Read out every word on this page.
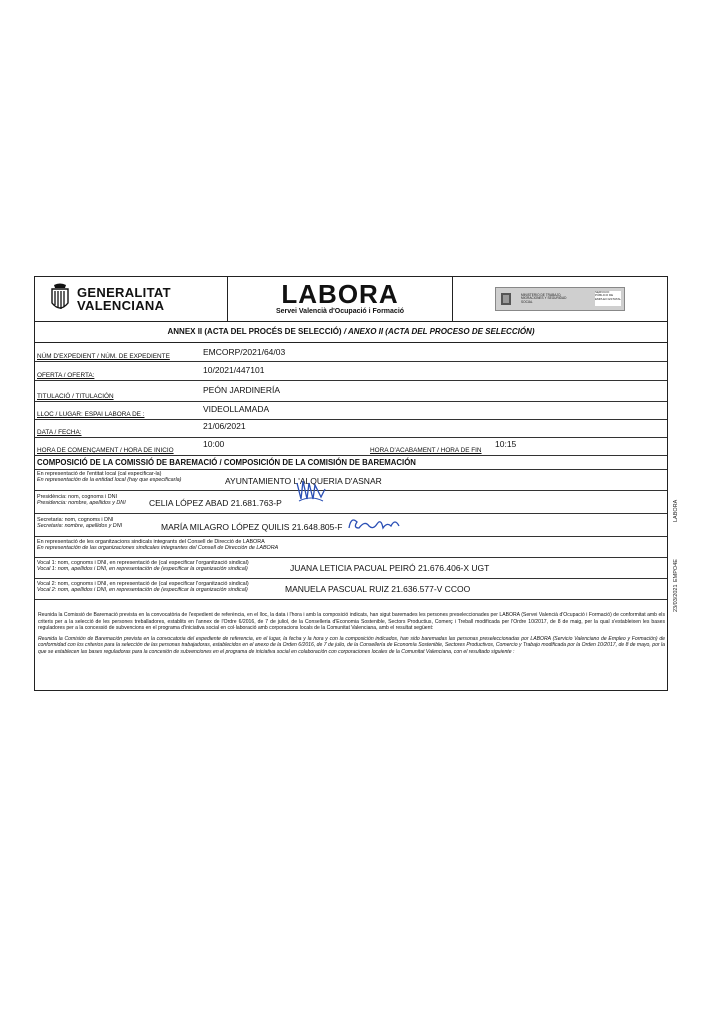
GENERALITAT
VALENCIANA	LABORA
Servei Valencià d'Ocupació i Formació
MINISTERIO DE TRABAJO, MIGRACIONES Y SEGURIDAD SOCIAL
SERVICIO PÚBLICO DE EMPLEO ESTATAL
ANNEX II (ACTA DEL PROCÉS DE SELECCIÓ) / ANEXO II (ACTA DEL PROCESO DE SELECCIÓN)
NÚM D'EXPEDIENT / NÚM. DE EXPEDIENTE	EMCORP/2021/64/03
OFERTA / OFERTA:
10/2021/447101
TITULACIÓ / TITULACIÓN
PEÓN JARDINERÍA
LLOC / LUGAR: ESPAI LABORA DE :
VIDEOLLAMADA
DATA / FECHA:
21/06/2021
HORA DE COMENÇAMENT / HORA DE INICIO
10:00
HORA D'ACABAMENT / HORA DE FIN
10:15
COMPOSICIÓ DE LA COMISSIÓ DE BAREMACIÓ / COMPOSICIÓN DE LA COMISIÓN DE BAREMACIÓN
En representació de l'entitat local (cal especificar-la)
En representación de la entidad local (hay que especificarla)	AYUNTAMIENTO L'ALQUERIA D'ASNAR
Presidència: nom, cognoms i DNI
Presidencia: nombre, apellidos y DNI	CELIA LÓPEZ ABAD 21.681.763-P
Secretaria: nom, cognoms i DNI
Secretaria: nombre, apellidos y DNI	MARÍA MILAGRO LÓPEZ QUILIS 21.648.805-F
En representació de les organitzacions sindicals integrants del Consell de Direcció de LABORA
En representación de las organizaciones sindicales integrantes del Consell de Dirección de LABORA
Vocal 1: nom, cognoms i DNI, en representació de (cal especificar l'organització sindical)
Vocal 1: nom, apellidos i DNI, en representación de (especificar la organización sindical)	JUANA LETICIA PACUAL PEIRÓ 21.676.406-X UGT
Vocal 2: nom, cognoms i DNI, en representació de (cal especificar l'organització sindical)
Vocal 2: nom, apellidos i DNI, en representación de (especificar la organización sindical)	MANUELA PASCUAL RUIZ 21.636.577-V CCOO
Reunida la Comissió de Baremació prevista en la convocatòria de l'expedient de referència, en el lloc, la data i l'hora i amb la composició indicats, han sigut baremades les persones preseleccionades per LABORA (Servei Valencià d'Ocupació i Formació) de conformitat amb els criteris per a la selecció de les persones treballadores, establits en l'annex de l'Ordre 6/2016, de 7 de juliol, de la Conselleria d'Economia Sostenible, Sectors Productius, Comerç i Treball modificada per l'Ordre 10/2017, de 8 de maig, per la qual s'estableixen les bases reguladores per a la concessió de subvencions en el programa d'iniciativa social en col·laboració amb corporacions locals de la Comunitat Valenciana, amb el resultat següent:
Reunida la Comisión de Baremación prevista en la convocatoria del expediente de referencia, en el lugar, la fecha y la hora y con la composición indicados, han sido baremadas las personas preseleccionadas por LABORA (Servicio Valenciano de Empleo y Formación) de conformidad con los criterios para la selección de las personas trabajadoras, establecidos en el anexo de la Orden 6/2016, de 7 de julio, de la Consellería de Economía Sostenible, Sectores Productivos, Comercio y Trabajo modificada por la Orden 10/2017, de 8 de mayo, por la que se establecen las bases reguladoras para la concesión de subvenciones en el programa de iniciativa social en colaboración con corporaciones locales de la Comunitat Valenciana, con el resultado siguiente :
LABORA
EMPO4E
23/03/2021
